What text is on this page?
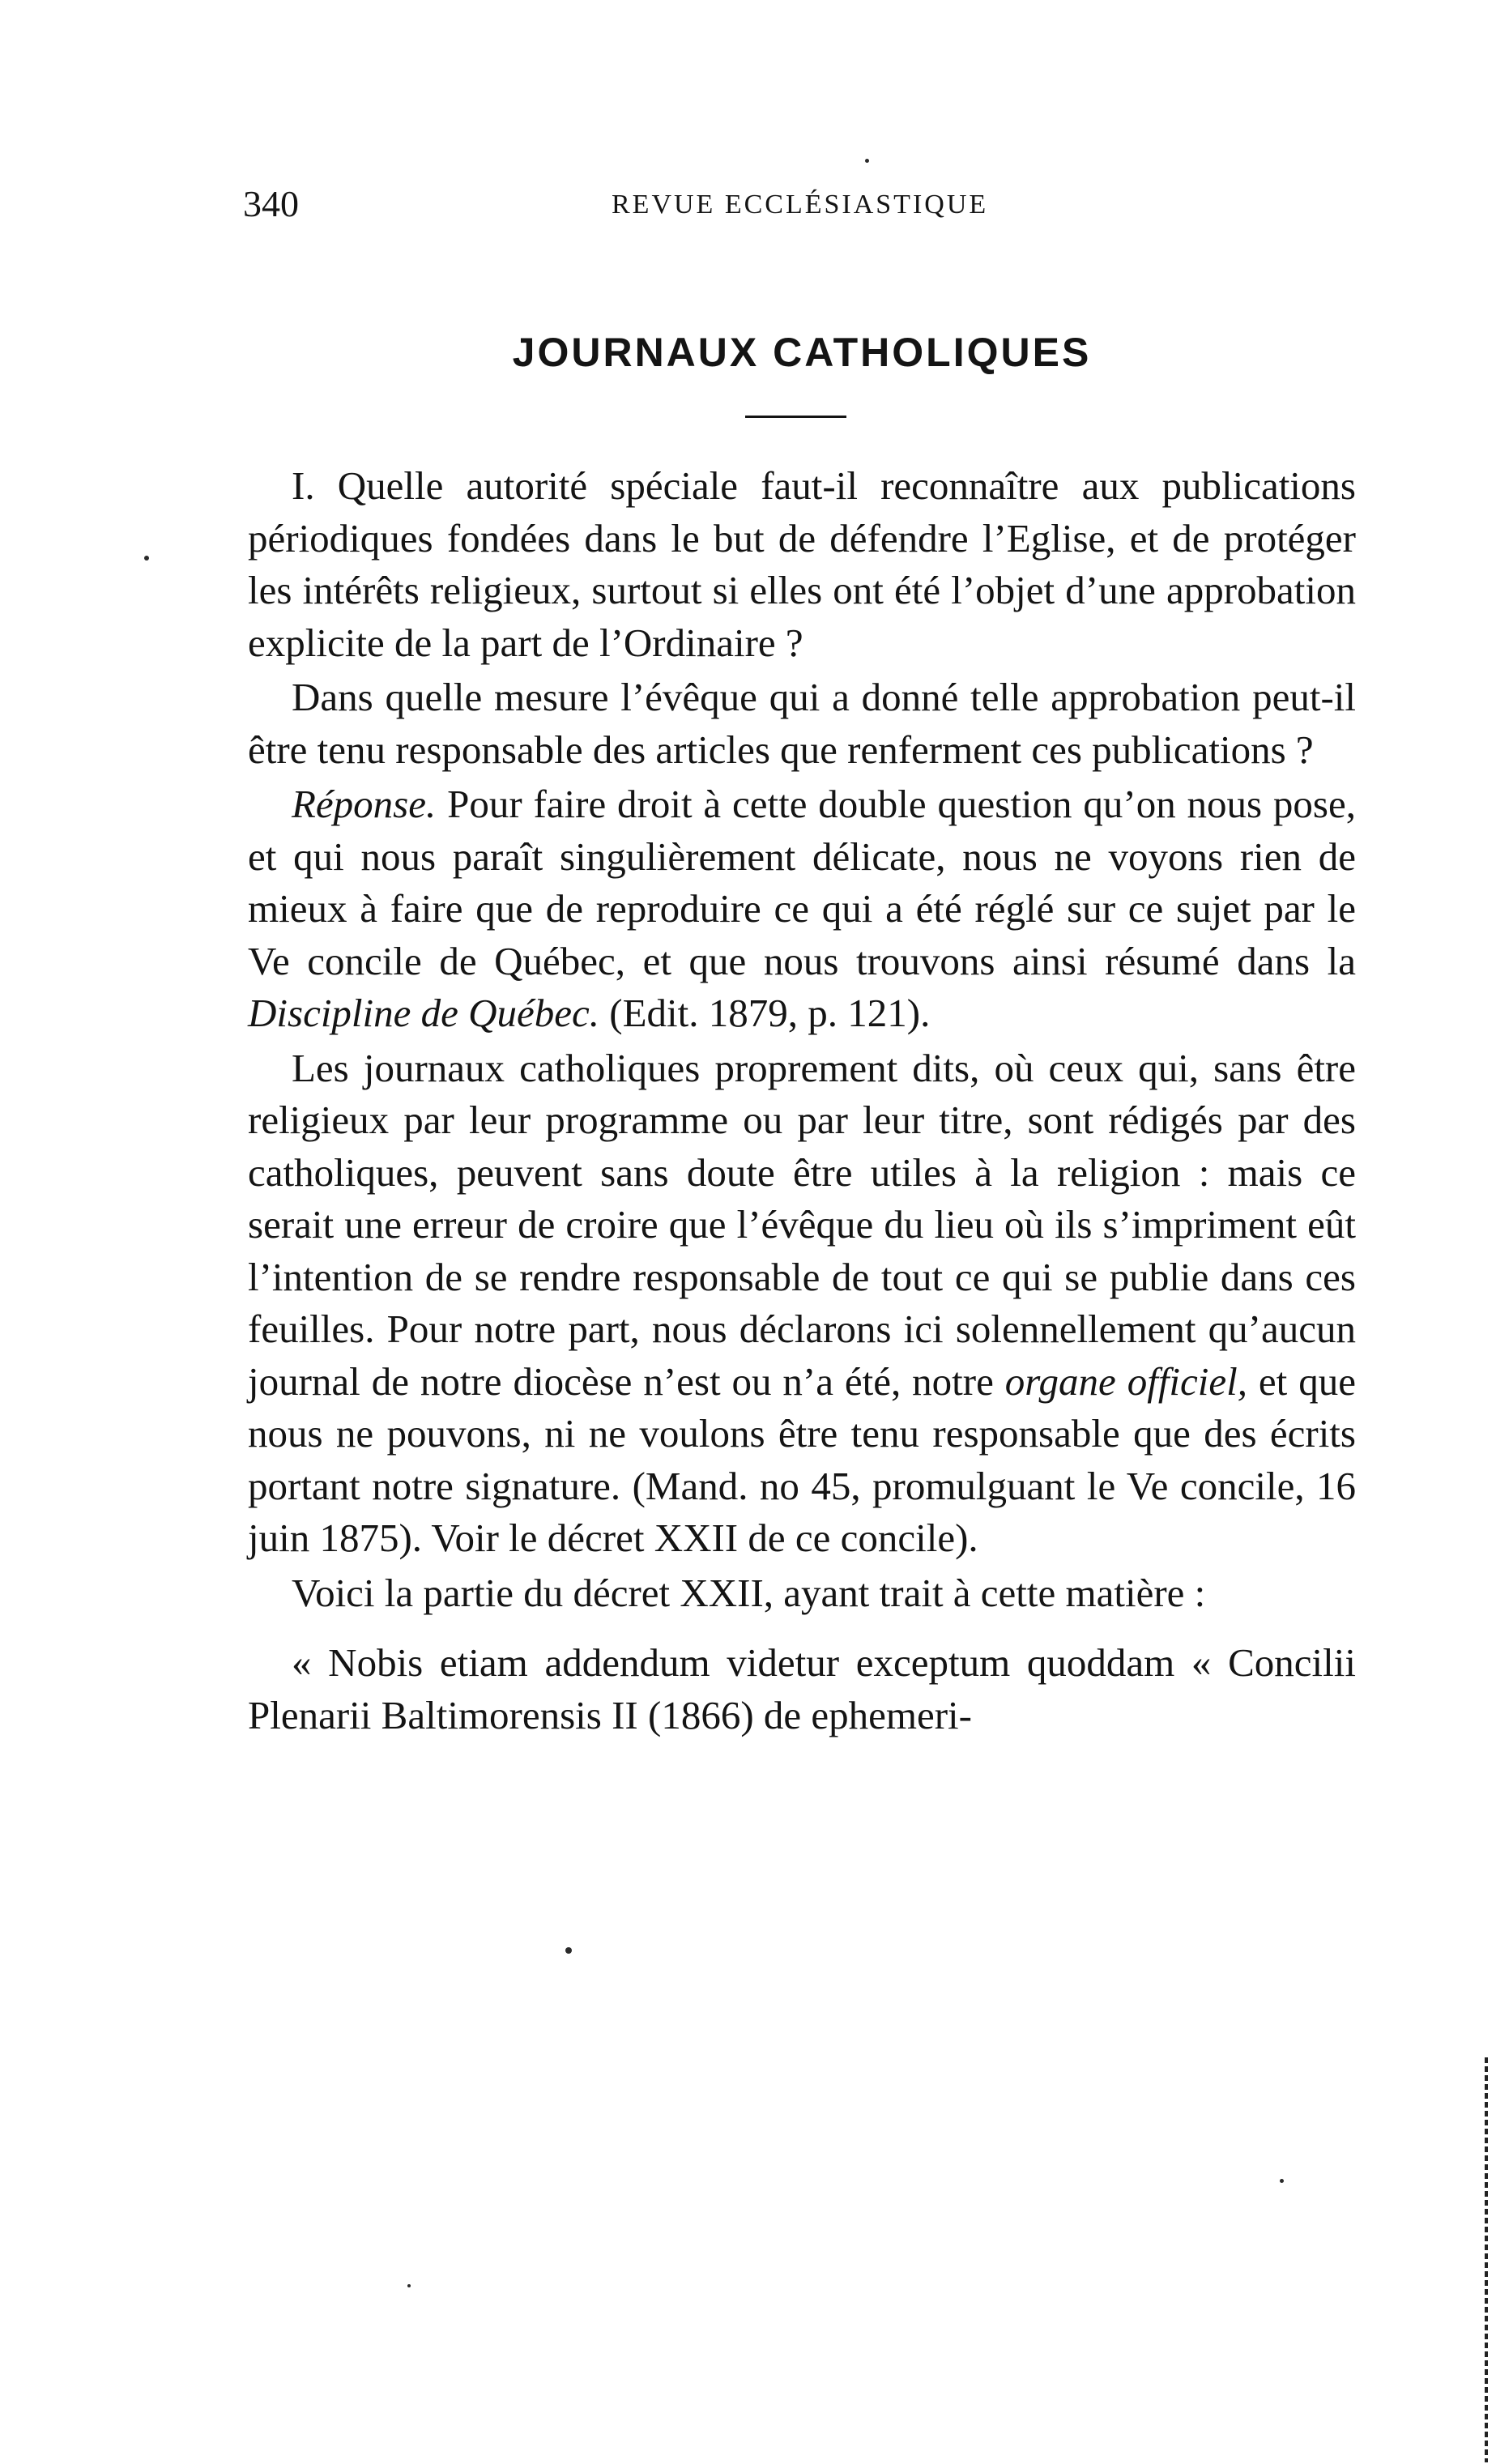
340	REVUE ECCLÉSIASTIQUE
JOURNAUX CATHOLIQUES

I. Quelle autorité spéciale faut-il reconnaître aux publications périodiques fondées dans le but de défendre l’Eglise, et de protéger les intérêts religieux, surtout si elles ont été l’objet d’une approbation explicite de la part de l’Ordinaire ?

Dans quelle mesure l’évêque qui a donné telle approbation peut-il être tenu responsable des articles que renferment ces publications ?

Réponse. Pour faire droit à cette double question qu’on nous pose, et qui nous paraît singulièrement délicate, nous ne voyons rien de mieux à faire que de reproduire ce qui a été réglé sur ce sujet par le Ve concile de Québec, et que nous trouvons ainsi résumé dans la Discipline de Québec. (Edit. 1879, p. 121).

Les journaux catholiques proprement dits, où ceux qui, sans être religieux par leur programme ou par leur titre, sont rédigés par des catholiques, peuvent sans doute être utiles à la religion : mais ce serait une erreur de croire que l’évêque du lieu où ils s’impriment eût l’intention de se rendre responsable de tout ce qui se publie dans ces feuilles. Pour notre part, nous déclarons ici solennellement qu’aucun journal de notre diocèse n’est ou n’a été, notre organe officiel, et que nous ne pouvons, ni ne voulons être tenu responsable que des écrits portant notre signature. (Mand. no 45, promulguant le Ve concile, 16 juin 1875). Voir le décret XXII de ce concile).

Voici la partie du décret XXII, ayant trait à cette matière :

« Nobis etiam addendum videtur exceptum quoddam « Concilii Plenarii Baltimorensis II (1866) de ephemeri-
